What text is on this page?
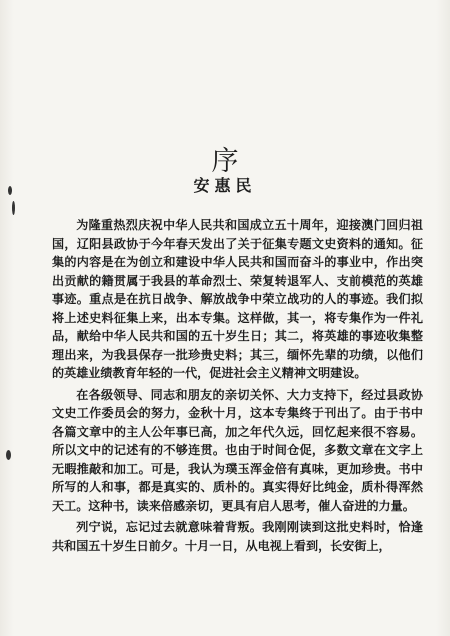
序
安惠民

为隆重热烈庆祝中华人民共和国成立五十周年，迎接澳门回归祖国，辽阳县政协于今年春天发出了关于征集专题文史资料的通知。征集的内容是在为创立和建设中华人民共和国而奋斗的事业中，作出突出贡献的籍贯属于我县的革命烈士、荣复转退军人、支前模范的英雄事迹。重点是在抗日战争、解放战争中荣立战功的人的事迹。我们拟将上述史料征集上来，出本专集。这样做，其一，将专集作为一件礼品，献给中华人民共和国的五十岁生日；其二，将英雄的事迹收集整理出来，为我县保存一批珍贵史料；其三，缅怀先辈的功绩，以他们的英雄业绩教育年轻的一代，促进社会主义精神文明建设。

在各级领导、同志和朋友的亲切关怀、大力支持下，经过县政协文史工作委员会的努力，金秋十月，这本专集终于刊出了。由于书中各篇文章中的主人公年事已高，加之年代久远，回忆起来很不容易。所以文中的记述有的不够连贯。也由于时间仓促，多数文章在文字上无暇推敲和加工。可是，我认为璞玉浑金倍有真味，更加珍贵。书中所写的人和事，都是真实的、质朴的。真实得好比纯金，质朴得浑然天工。这种书，读来倍感亲切，更具有启人思考，催人奋进的力量。

列宁说，忘记过去就意味着背叛。我刚刚读到这批史料时，恰逢共和国五十岁生日前夕。十月一日，从电视上看到，长安街上，
